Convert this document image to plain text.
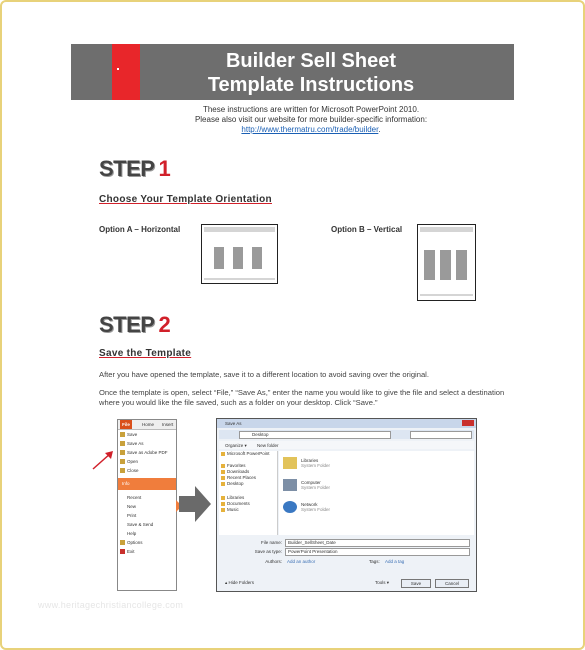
Builder Sell Sheet
Template Instructions
These instructions are written for Microsoft PowerPoint 2010.
Please also visit our website for more builder-specific information:
http://www.thermatru.com/trade/builder.
STEP 1
Choose Your Template Orientation
Option A – Horizontal	Option B – Vertical
STEP 2
Save the Template
After you have opened the template, save it to a different location to avoid saving over the original.
Once the template is open, select “File,” “Save As,” enter the name you would like to give the file and select a destination where you would like the file saved, such as a folder on your desktop. Click “Save.”
File	Home Insert
Save
Save As
Save as Adobe PDF
Open
Close
Info
Recent
New
Print
Save & Send
Help
Options
Exit
Save As
Desktop
Organize ▾ New folder
Microsoft PowerPoint
Favorites
Downloads
Recent Places
Desktop
Libraries
Documents
Music
Libraries
System Folder
Computer
System Folder
Network
System Folder
File name:	Builder_SellSheet_Date
Save as type:	PowerPoint Presentation
Authors: Add an author	Tags: Add a tag
▴ Hide Folders	Tools ▾	Save	Cancel
www.heritagechristiancollege.com
